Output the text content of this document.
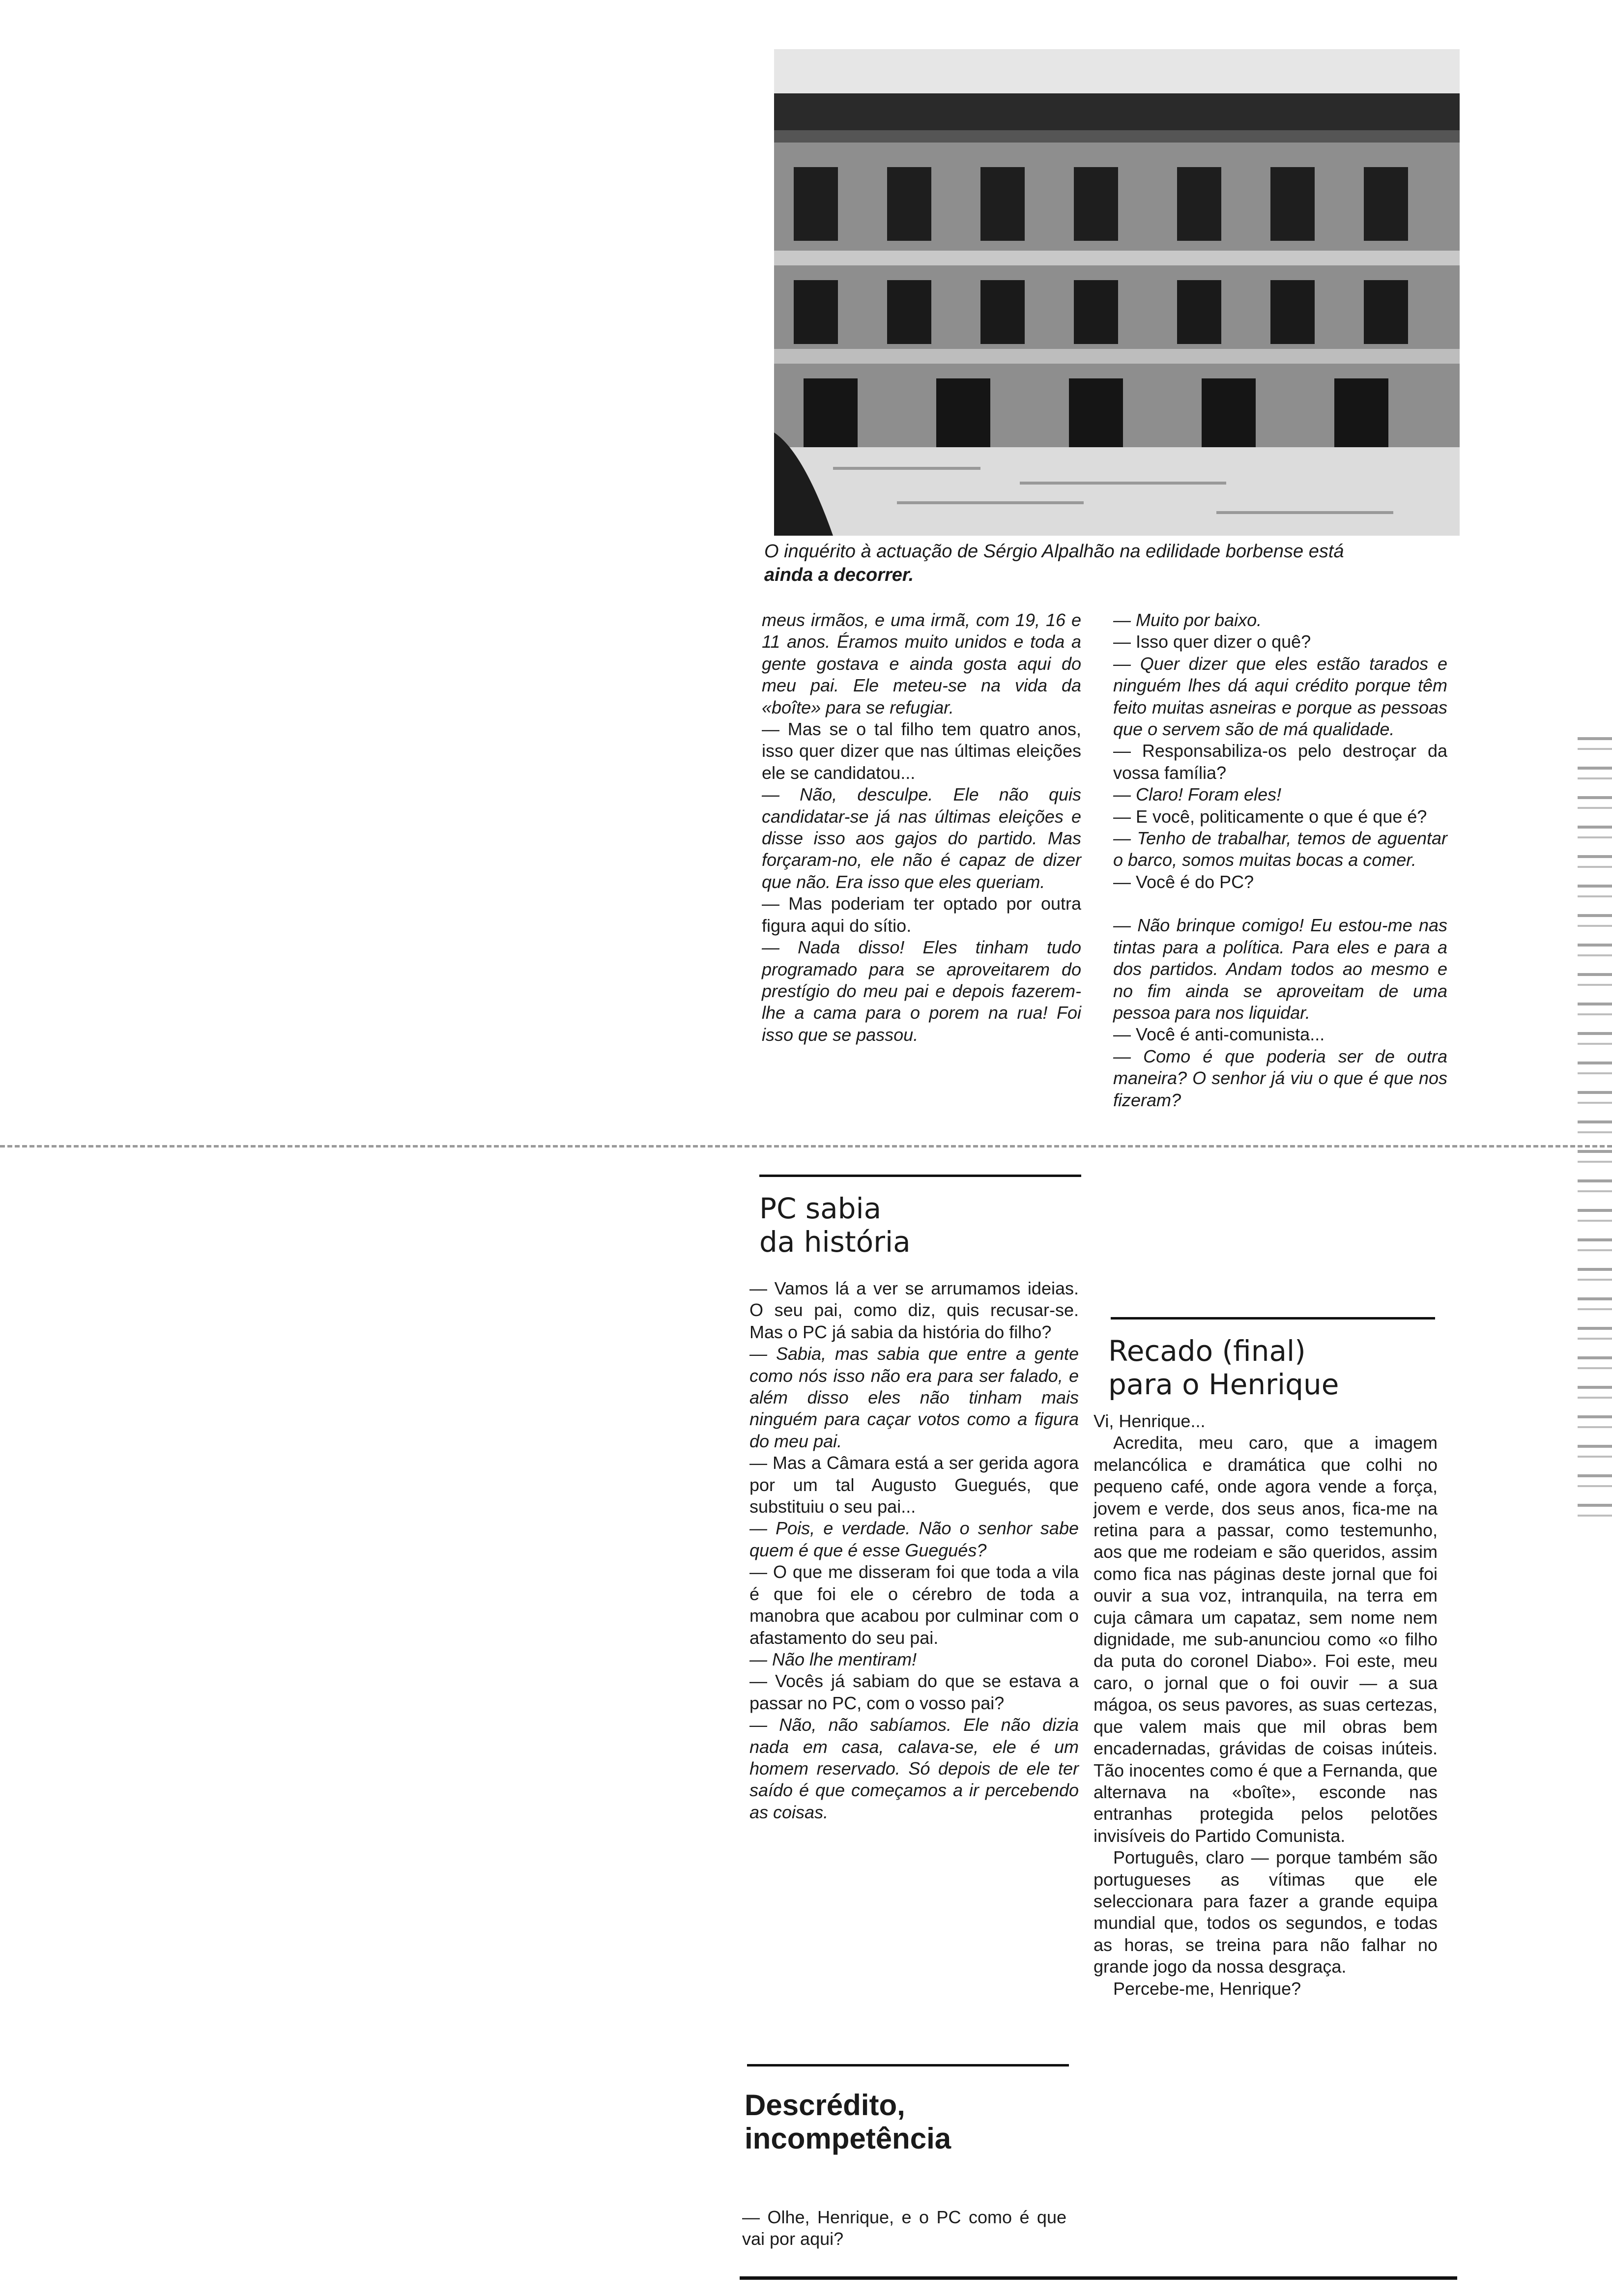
O inquérito à actuação de Sérgio Alpalhão na edilidade borbense está
ainda a decorrer.

meus irmãos, e uma irmã, com 19, 16 e 11 anos. Éramos muito unidos e toda a gente gostava e ainda gosta aqui do meu pai. Ele meteu-se na vida da «boîte» para se refugiar.

— Mas se o tal filho tem quatro anos, isso quer dizer que nas últimas eleições ele se candidatou...

— Não, desculpe. Ele não quis candidatar-se já nas últimas eleições e disse isso aos gajos do partido. Mas forçaram-no, ele não é capaz de dizer que não. Era isso que eles queriam.

— Mas poderiam ter optado por outra figura aqui do sítio.

— Nada disso! Eles tinham tudo programado para se aproveitarem do prestígio do meu pai e depois fazerem-lhe a cama para o porem na rua! Foi isso que se passou.

— Muito por baixo.

— Isso quer dizer o quê?

— Quer dizer que eles estão tarados e ninguém lhes dá aqui crédito porque têm feito muitas asneiras e porque as pessoas que o servem são de má qualidade.

— Responsabiliza-os pelo destroçar da vossa família?

— Claro! Foram eles!

— E você, politicamente o que é que é?

— Tenho de trabalhar, temos de aguentar o barco, somos muitas bocas a comer.

— Você é do PC?

— Não brinque comigo! Eu estou-me nas tintas para a política. Para eles e para a dos partidos. Andam todos ao mesmo e no fim ainda se aproveitam de uma pessoa para nos liquidar.

— Você é anti-comunista...

— Como é que poderia ser de outra maneira? O senhor já viu o que é que nos fizeram?

PC sabia
da história

— Vamos lá a ver se arrumamos ideias. O seu pai, como diz, quis recusar-se. Mas o PC já sabia da história do filho?

— Sabia, mas sabia que entre a gente como nós isso não era para ser falado, e além disso eles não tinham mais ninguém para caçar votos como a figura do meu pai.

— Mas a Câmara está a ser gerida agora por um tal Augusto Guegués, que substituiu o seu pai...

— Pois, e verdade. Não o senhor sabe quem é que é esse Guegués?

— O que me disseram foi que toda a vila é que foi ele o cérebro de toda a manobra que acabou por culminar com o afastamento do seu pai.

— Não lhe mentiram!

— Vocês já sabiam do que se estava a passar no PC, com o vosso pai?

— Não, não sabíamos. Ele não dizia nada em casa, calava-se, ele é um homem reservado. Só depois de ele ter saído é que começamos a ir percebendo as coisas.

Recado (final)
para o Henrique

Vi, Henrique...

Acredita, meu caro, que a imagem melancólica e dramática que colhi no pequeno café, onde agora vende a força, jovem e verde, dos seus anos, fica-me na retina para a passar, como testemunho, aos que me rodeiam e são queridos, assim como fica nas páginas deste jornal que foi ouvir a sua voz, intranquila, na terra em cuja câmara um capataz, sem nome nem dignidade, me sub-anunciou como «o filho da puta do coronel Diabo». Foi este, meu caro, o jornal que o foi ouvir — a sua mágoa, os seus pavores, as suas certezas, que valem mais que mil obras bem encadernadas, grávidas de coisas inúteis. Tão inocentes como é que a Fernanda, que alternava na «boîte», esconde nas entranhas protegida pelos pelotões invisíveis do Partido Comunista.

Português, claro — porque também são portugueses as vítimas que ele seleccionara para fazer a grande equipa mundial que, todos os segundos, e todas as horas, se treina para não falhar no grande jogo da nossa desgraça.

Percebe-me, Henrique?

Descrédito,
incompetência

— Olhe, Henrique, e o PC como é que vai por aqui?
